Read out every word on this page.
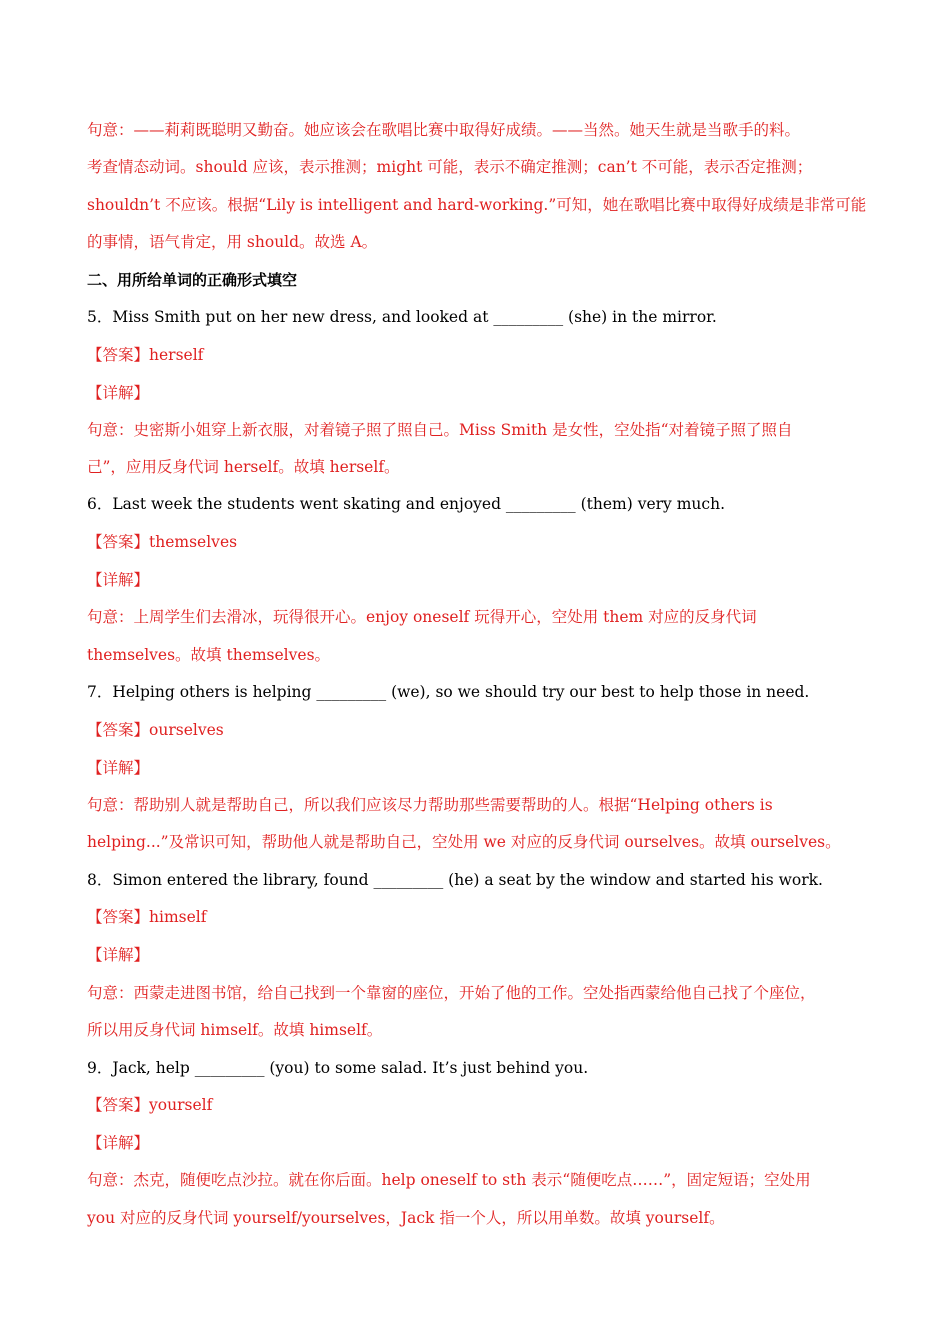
句意：——莉莉既聪明又勤奋。她应该会在歌唱比赛中取得好成绩。——当然。她天生就是当歌手的料。
考查情态动词。should 应该，表示推测；might 可能，表示不确定推测；can’t 不可能，表示否定推测；
shouldn’t 不应该。根据“Lily is intelligent and hard-working.”可知，她在歌唱比赛中取得好成绩是非常可能
的事情，语气肯定，用 should。故选 A。
二、用所给单词的正确形式填空
5．Miss Smith put on her new dress, and looked at _________ (she) in the mirror.
【答案】herself
【详解】
句意：史密斯小姐穿上新衣服，对着镜子照了照自己。Miss Smith 是女性，空处指“对着镜子照了照自
己”，应用反身代词 herself。故填 herself。
6．Last week the students went skating and enjoyed _________ (them) very much.
【答案】themselves
【详解】
句意：上周学生们去滑冰，玩得很开心。enjoy oneself 玩得开心，空处用 them 对应的反身代词
themselves。故填 themselves。
7．Helping others is helping _________ (we), so we should try our best to help those in need.
【答案】ourselves
【详解】
句意：帮助别人就是帮助自己，所以我们应该尽力帮助那些需要帮助的人。根据“Helping others is
helping...”及常识可知，帮助他人就是帮助自己，空处用 we 对应的反身代词 ourselves。故填 ourselves。
8．Simon entered the library, found _________ (he) a seat by the window and started his work.
【答案】himself
【详解】
句意：西蒙走进图书馆，给自己找到一个靠窗的座位，开始了他的工作。空处指西蒙给他自己找了个座位，
所以用反身代词 himself。故填 himself。
9．Jack, help _________ (you) to some salad. It’s just behind you.
【答案】yourself
【详解】
句意：杰克，随便吃点沙拉。就在你后面。help oneself to sth 表示“随便吃点……”，固定短语；空处用
you 对应的反身代词 yourself/yourselves，Jack 指一个人，所以用单数。故填 yourself。
